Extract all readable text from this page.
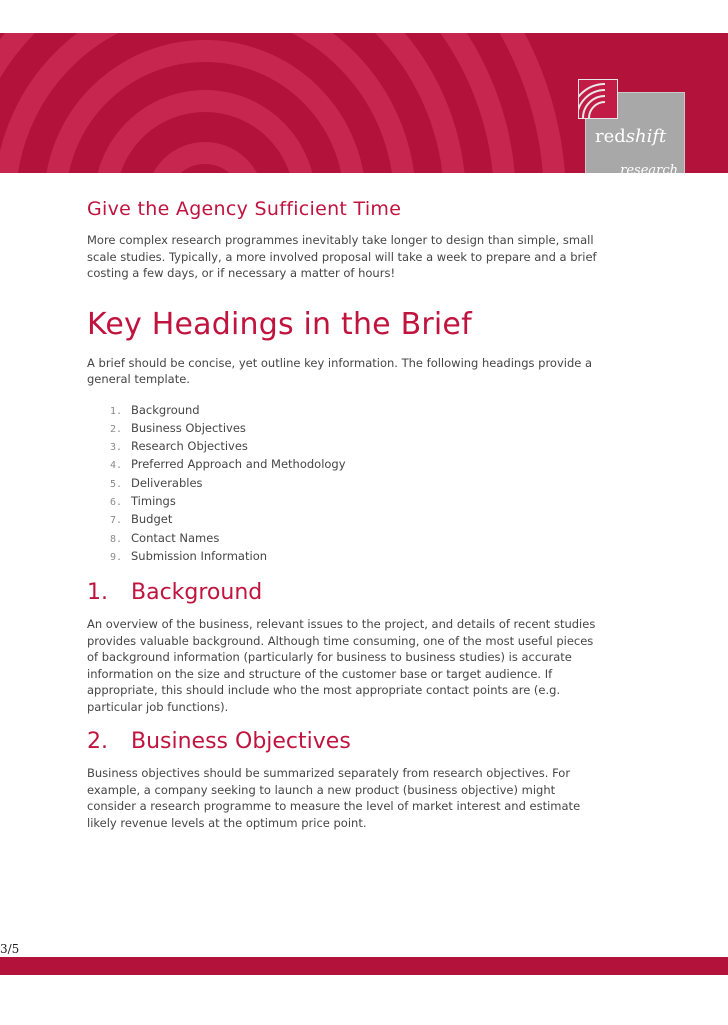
redshift
research
Give the Agency Sufficient Time

More complex research programmes inevitably take longer to design than simple, small scale studies. Typically, a more involved proposal will take a week to prepare and a brief costing a few days, or if necessary a matter of hours!

Key Headings in the Brief

A brief should be concise, yet outline key information. The following headings provide a general template.

1. Background
2. Business Objectives
3. Research Objectives
4. Preferred Approach and Methodology
5. Deliverables
6. Timings
7. Budget
8. Contact Names
9. Submission Information
1. Background

An overview of the business, relevant issues to the project, and details of recent studies provides valuable background. Although time consuming, one of the most useful pieces of background information (particularly for business to business studies) is accurate information on the size and structure of the customer base or target audience. If appropriate, this should include who the most appropriate contact points are (e.g. particular job functions).

2. Business Objectives

Business objectives should be summarized separately from research objectives. For example, a company seeking to launch a new product (business objective) might consider a research programme to measure the level of market interest and estimate likely revenue levels at the optimum price point.

3/5
